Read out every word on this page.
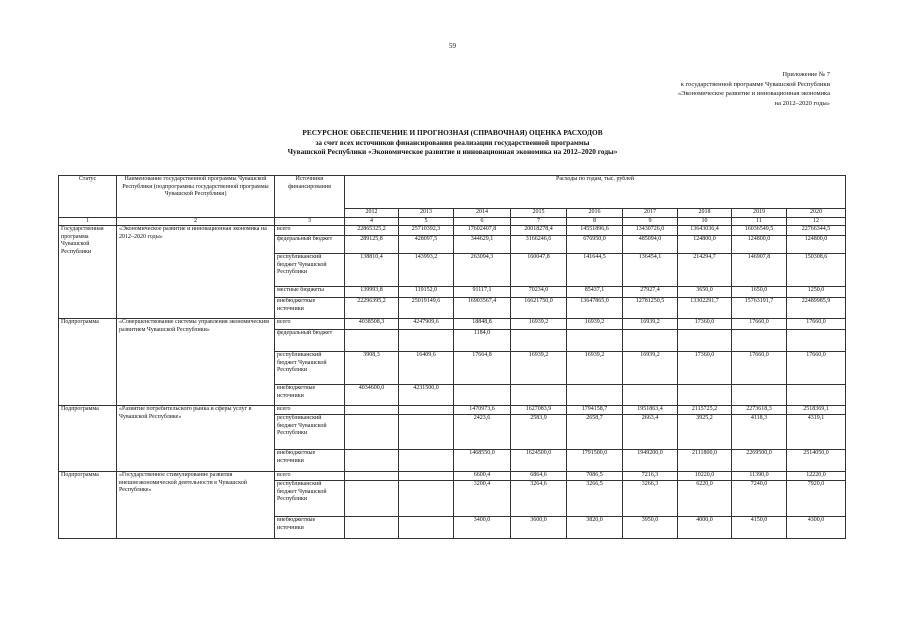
59
Приложение № 7
к государственной программе Чувашской Республики
«Экономическое развитие и инновационная экономика
на 2012–2020 годы»
РЕСУРСНОЕ ОБЕСПЕЧЕНИЕ И ПРОГНОЗНАЯ (СПРАВОЧНАЯ) ОЦЕНКА РАСХОДОВ
за счет всех источников финансирования реализации государственной программы
Чувашской Республики «Экономическое развитие и инновационная экономика на 2012–2020 годы»
Статус	Наименование государственной программы Чувашской Республики (подпрограммы государственной программы Чувашской Республики)	Источники финансирования	Расходы по годам, тыс. рублей								
			2012	2013	2014	2015	2016	2017	2018	2019	2020
1	2	3	4	5	6	7	8	9	10	11	12
Государственная программа Чувашской Республики	«Экономическое развитие и инновационная экономика на 2012–2020 годы»	всего	22865325,2	25710392,3	17602407,8	20018278,4	14551896,6	13430726,0	13643036,4	16036549,5	22766344,5
		федеральный бюджет	289125,8	428097,5	344629,1	3166246,6	676950,0	485094,0	124800,0	124800,0	124800,0
		республиканский бюджет Чувашской Республики	138810,4	143993,2	263094,3	160047,8	141644,5	136454,1	214294,7	146907,8	150308,6
		местные бюджеты	139993,8	119152,0	91117,1	70234,0	85437,1	27927,4	3650,0	1650,0	1250,0
		внебюджетные источники	22296395,2	25019149,6	16903567,4	16621750,0	13647865,0	12781250,5	13302291,7	15763191,7	22489985,9
Подпрограмма	«Совершенствование системы управления экономическим развитием Чувашской Республики»	всего	4038508,3	4247909,6	18848,8	16939,2	16939,2	16939,2	17360,0	17660,0	17660,0
		федеральный бюджет			1184,0						
		республиканский бюджет Чувашской Республики	3908,3	16409,6	17664,8	16939,2	16939,2	16939,2	17360,0	17660,0	17660,0
		внебюджетные источники	4034600,0	4231500,0							
Подпрограмма	«Развитие потребительского рынка и сферы услуг в Чувашской Республике»	всего			1470973,6	1627083,9	1794158,7	1951863,4	2115725,2	2273618,3	2518369,1
		республиканский бюджет Чувашской Республики			2423,6	2583,9	2658,7	2663,4	3925,2	4118,3	4319,1
		внебюджетные источники			1468550,0	1624500,0	1791500,0	1949200,0	2111800,0	2269500,0	2514050,0
Подпрограмма	«Государственное стимулирование развития внешнеэкономической деятельности в Чувашской Республике»	всего			6600,4	6864,6	7086,5	7216,3	10220,0	11390,0	12220,0
		республиканский бюджет Чувашской Республики			3200,4	3264,6	3266,5	3266,3	6220,0	7240,0	7920,0
		внебюджетные источники			3400,0	3600,0	3820,0	3950,0	4000,0	4150,0	4300,0
